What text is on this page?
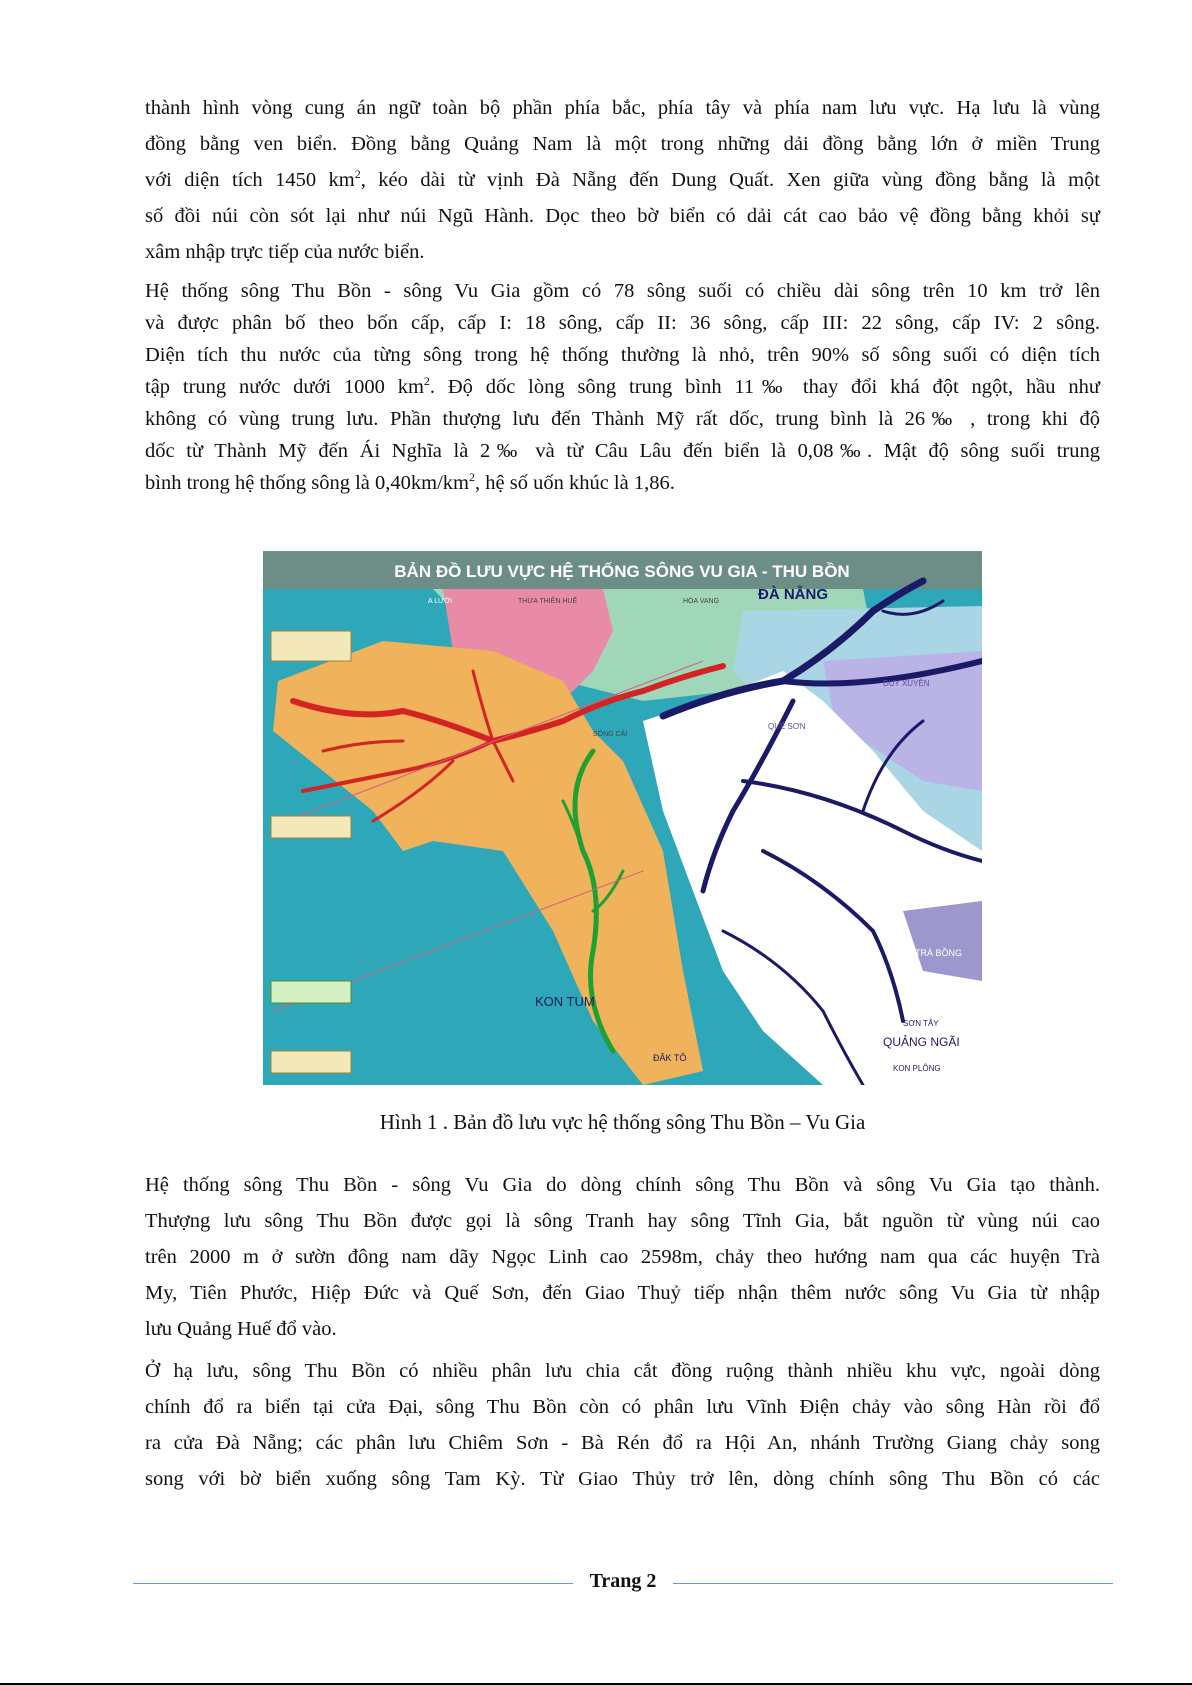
thành hình vòng cung án ngữ toàn bộ phần phía bắc, phía tây và phía nam lưu vực. Hạ lưu là vùng
đồng bằng ven biển. Đồng bằng Quảng Nam là một trong những dải đồng bằng lớn ở miền Trung
với diện tích 1450 $km^2$, kéo dài từ vịnh Đà Nẵng đến Dung Quất. Xen giữa vùng đồng bằng là một
số đồi núi còn sót lại như núi Ngũ Hành. Dọc theo bờ biển có dải cát cao bảo vệ đồng bằng khỏi sự
xâm nhập trực tiếp của nước biển.

Hệ thống sông Thu Bồn - sông Vu Gia gồm có 78 sông suối có chiều dài sông trên 10 km trở lên
và được phân bố theo bốn cấp, cấp I: 18 sông, cấp II: 36 sông, cấp III: 22 sông, cấp IV: 2 sông.
Diện tích thu nước của từng sông trong hệ thống thường là nhỏ, trên 90% số sông suối có diện tích
tập trung nước dưới 1000 $km^2$. Độ dốc lòng sông trung bình 11‰ thay đổi khá đột ngột, hầu như
không có vùng trung lưu. Phần thượng lưu đến Thành Mỹ rất dốc, trung bình là 26‰ , trong khi độ
dốc từ Thành Mỹ đến Ái Nghĩa là 2‰ và từ Câu Lâu đến biển là 0,08‰. Mật độ sông suối trung
bình trong hệ thống sông là $0,40km/km^2$, hệ số uốn khúc là 1,86.

BẢN ĐỒ LƯU VỰC HỆ THỐNG SÔNG VU GIA - THU BỒN
ĐÀ NẴNG
KON TUM
QUẢNG NGÃI
ĐĂK TÔ
TRÀ BỒNG
SƠN TÂY
KON PLÔNG
DUY XUYÊN
QUẾ SƠN
SÔNG CÁI
THỪA THIÊN HUẾ	HÒA VANG
A LƯỚI
Hình 1 . Bản đồ lưu vực hệ thống sông Thu Bồn – Vu Gia

Hệ thống sông Thu Bồn - sông Vu Gia do dòng chính sông Thu Bồn và sông Vu Gia tạo thành.
Thượng lưu sông Thu Bồn được gọi là sông Tranh hay sông Tĩnh Gia, bắt nguồn từ vùng núi cao
trên 2000 m ở sườn đông nam dãy Ngọc Linh cao 2598m, chảy theo hướng nam qua các huyện Trà
My, Tiên Phước, Hiệp Đức và Quế Sơn, đến Giao Thuỷ tiếp nhận thêm nước sông Vu Gia từ nhập
lưu Quảng Huế đổ vào.

Ở hạ lưu, sông Thu Bồn có nhiều phân lưu chia cắt đồng ruộng thành nhiều khu vực, ngoài dòng
chính đổ ra biển tại cửa Đại, sông Thu Bồn còn có phân lưu Vĩnh Điện chảy vào sông Hàn rồi đổ
ra cửa Đà Nẵng; các phân lưu Chiêm Sơn - Bà Rén đổ ra Hội An, nhánh Trường Giang chảy song
song với bờ biển xuống sông Tam Kỳ. Từ Giao Thủy trở lên, dòng chính sông Thu Bồn có các

Trang 2
